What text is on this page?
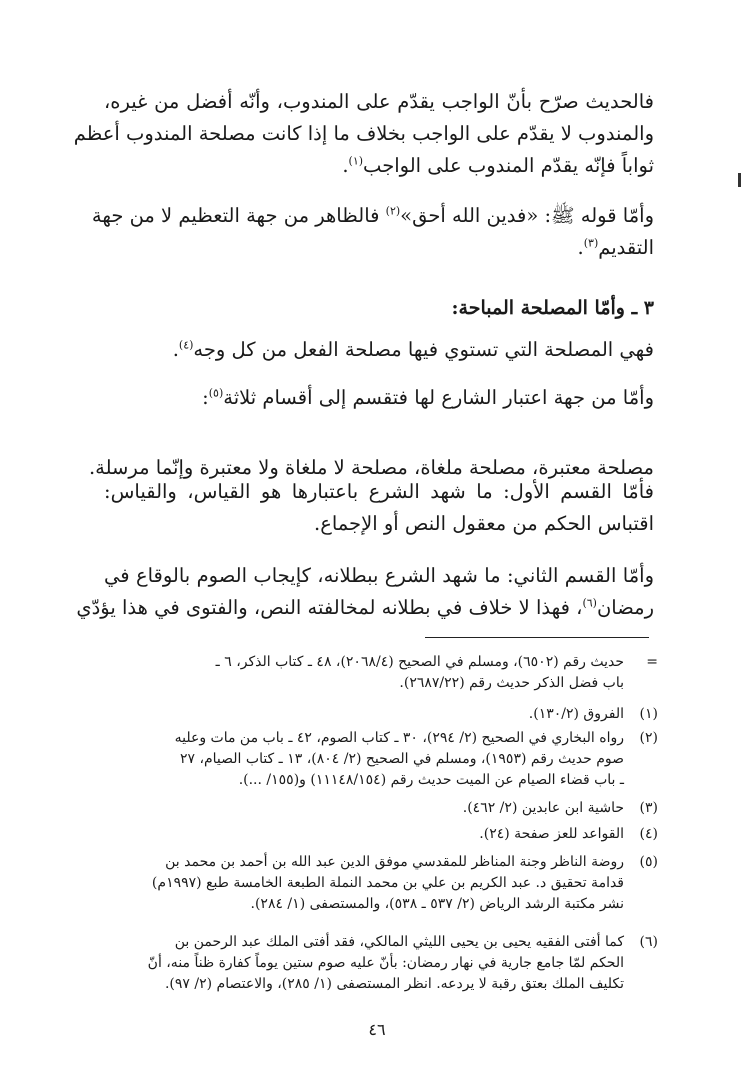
فالحديث صرّح بأنّ الواجب يقدّم على المندوب، وأنّه أفضل من غيره،
والمندوب لا يقدّم على الواجب بخلاف ما إذا كانت مصلحة المندوب أعظم
ثواباً فإنّه يقدّم المندوب على الواجب$^{(١)}$.
وأمّا قوله ﷺ: «فدين الله أحق»$^{(٢)}$ فالظاهر من جهة التعظيم لا من جهة
التقديم$^{(٣)}$.
٣ ـ وأمّا المصلحة المباحة:
فهي المصلحة التي تستوي فيها مصلحة الفعل من كل وجه$^{(٤)}$.
وأمّا من جهة اعتبار الشارع لها فتقسم إلى أقسام ثلاثة$^{(٥)}$:
مصلحة معتبرة، مصلحة ملغاة، مصلحة لا ملغاة ولا معتبرة وإنّما مرسلة.
فأمّا القسم الأول: ما شهد الشرع باعتبارها هو القياس، والقياس:
اقتباس الحكم من معقول النص أو الإجماع.
وأمّا القسم الثاني: ما شهد الشرع ببطلانه، كإيجاب الصوم بالوقاع في
رمضان$^{(٦)}$، فهذا لا خلاف في بطلانه لمخالفته النص، والفتوى في هذا يؤدّي
=
حديث رقم (٦٥٠٢)، ومسلم في الصحيح (٢٠٦٨/٤)، ٤٨ ـ كتاب الذكر، ٦ ـ
باب فضل الذكر حديث رقم (٢٦٨٧/٢٢).
(١)
الفروق (١٣٠/٢).
(٢)
رواه البخاري في الصحيح (٢/ ٢٩٤)، ٣٠ ـ كتاب الصوم، ٤٢ ـ باب من مات وعليه
صوم حديث رقم (١٩٥٣)، ومسلم في الصحيح (٢/ ٨٠٤)، ١٣ ـ كتاب الصيام، ٢٧
ـ باب قضاء الصيام عن الميت حديث رقم (١١١٤٨/١٥٤) و(١٥٥/ ...).
(٣)
حاشية ابن عابدين (٢/ ٤٦٢).
(٤)
القواعد للعز صفحة (٢٤).
(٥)
روضة الناظر وجنة المناظر للمقدسي موفق الدين عبد الله بن أحمد بن محمد بن
قدامة تحقيق د. عبد الكريم بن علي بن محمد النملة الطبعة الخامسة طبع (١٩٩٧م)
نشر مكتبة الرشد الرياض (٢/ ٥٣٧ ـ ٥٣٨)، والمستصفى (١/ ٢٨٤).
(٦)
كما أفتى الفقيه يحيى بن يحيى الليثي المالكي، فقد أفتى الملك عبد الرحمن بن
الحكم لمّا جامع جارية في نهار رمضان: بأنّ عليه صوم ستين يوماً كفارة ظناً منه، أنّ
تكليف الملك بعتق رقبة لا يردعه. انظر المستصفى (١/ ٢٨٥)، والاعتصام (٢/ ٩٧).
٤٦
